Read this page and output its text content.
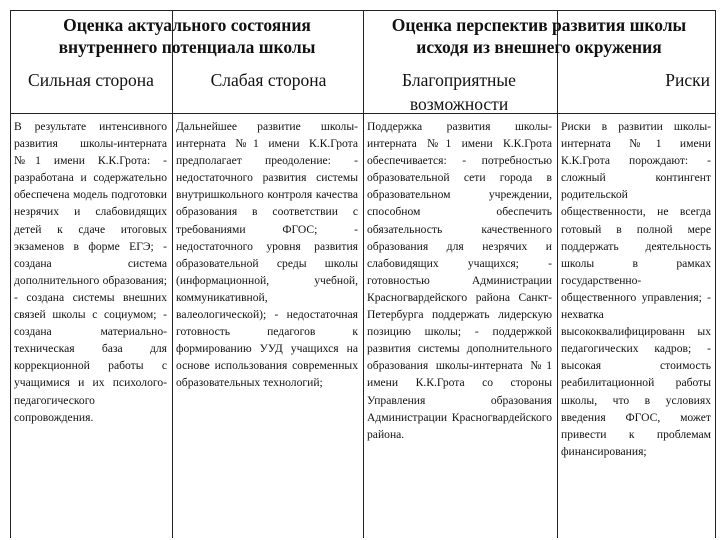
Оценка актуального состояния внутреннего потенциала школы
Оценка перспектив развития школы исходя из внешнего окружения
Сильная сторона	Слабая сторона	Благоприятные возможности
Риски
В результате интенсивного развития школы-интерната №1 имени К.К.Грота: - разработана и содержательно обеспечена модель подготовки незрячих и слабовидящих детей к сдаче итоговых экзаменов в форме ЕГЭ; - создана система дополнительного образования; - создана системы внешних связей школы с социумом; - создана материально-техническая база для коррекционной работы с учащимися и их психолого-педагогического сопровождения.
Дальнейшее развитие школы-интерната №1 имени К.К.Грота предполагает преодоление: - недостаточного развития системы внутришкольного контроля качества образования в соответствии с требованиями ФГОС; - недостаточного уровня развития образовательной среды школы (информационной, учебной, коммуникативной, валеологической); - недостаточная готовность педагогов к формированию УУД учащихся на основе использования современных образовательных технологий;
Поддержка развития школы-интерната №1 имени К.К.Грота обеспечивается: - потребностью образовательной сети города в образовательном учреждении, способном обеспечить обязательность качественного образования для незрячих и слабовидящих учащихся; - готовностью Администрации Красногвардейского района Санкт-Петербурга поддержать лидерскую позицию школы; - поддержкой развития системы дополнительного образования школы-интерната №1 имени К.К.Грота со стороны Управления образования Администрации Красногвардейского района.
Риски в развитии школы-интерната №1 имени К.К.Грота порождают: - сложный контингент родительской общественности, не всегда готовый в полной мере поддержать деятельность школы в рамках государственно-общественного управления; - нехватка высококвалифицированн ых педагогических кадров; - высокая стоимость реабилитационной работы школы, что в условиях введения ФГОС, может привести к проблемам финансирования;
